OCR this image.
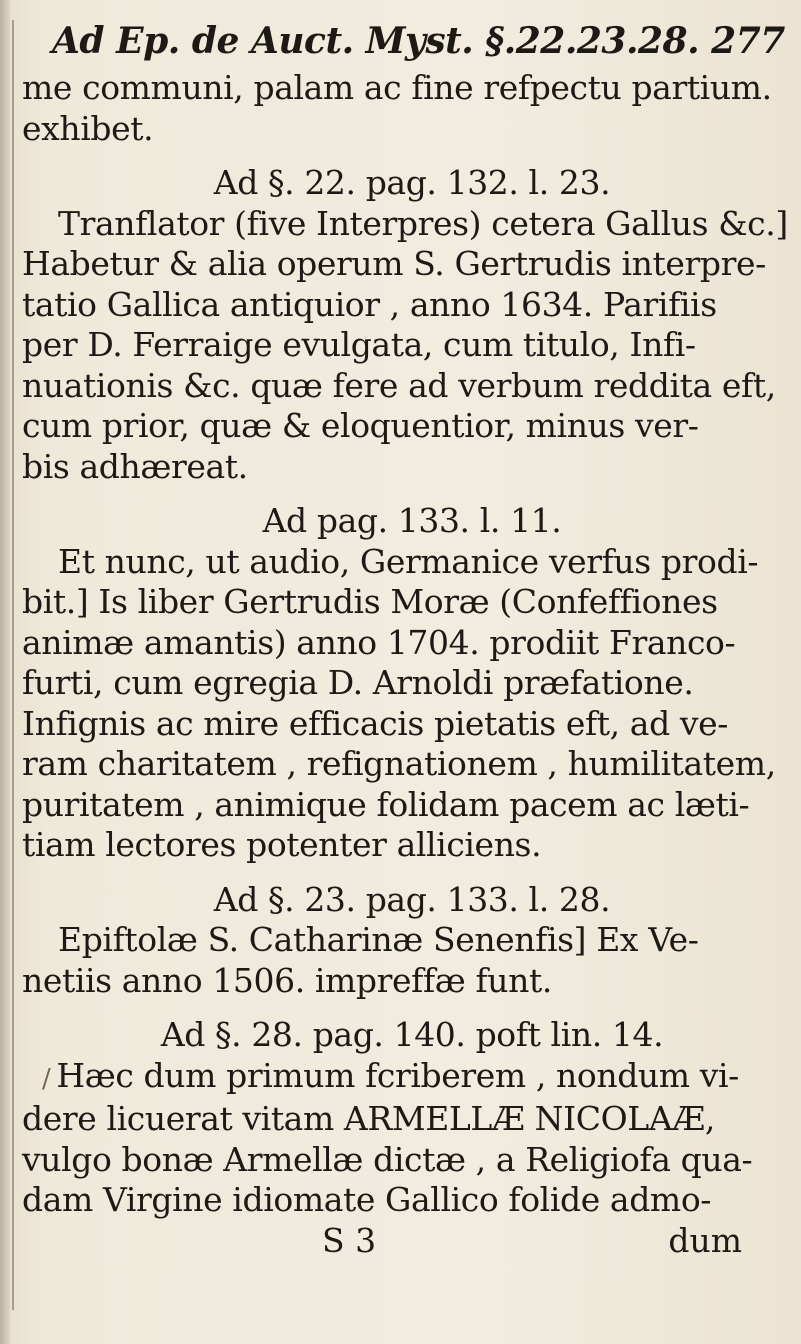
Ad Ep. de Auct. Myst. §.22.23.28. 277
me communi, palam ac fine refpectu partium.
exhibet.
Ad §. 22. pag. 132. l. 23.
Tranflator (five Interpres) cetera Gallus &c.]
Habetur & alia operum S. Gertrudis interpre-
tatio Gallica antiquior , anno 1634. Parifiis
per D. Ferraige evulgata, cum titulo, Infi-
nuationis &c. quæ fere ad verbum reddita eft,
cum prior, quæ & eloquentior, minus ver-
bis adhæreat.
Ad pag. 133. l. 11.
Et nunc, ut audio, Germanice verfus prodi-
bit.] Is liber Gertrudis Moræ (Confeffiones
animæ amantis) anno 1704. prodiit Franco-
furti, cum egregia D. Arnoldi præfatione.
Infignis ac mire efficacis pietatis eft, ad ve-
ram charitatem , refignationem , humilitatem,
puritatem , animique folidam pacem ac læti-
tiam lectores potenter alliciens.
Ad §. 23. pag. 133. l. 28.
Epiftolæ S. Catharinæ Senenfis] Ex Ve-
netiis anno 1506. impreffæ funt.
Ad §. 28. pag. 140. poft lin. 14.
/ Hæc dum primum fcriberem , nondum vi-
dere licuerat vitam ARMELLÆ NICOLAÆ,
vulgo bonæ Armellæ dictæ , a Religiofa qua-
dam Virgine idiomate Gallico folide admo-
S 3	dum
